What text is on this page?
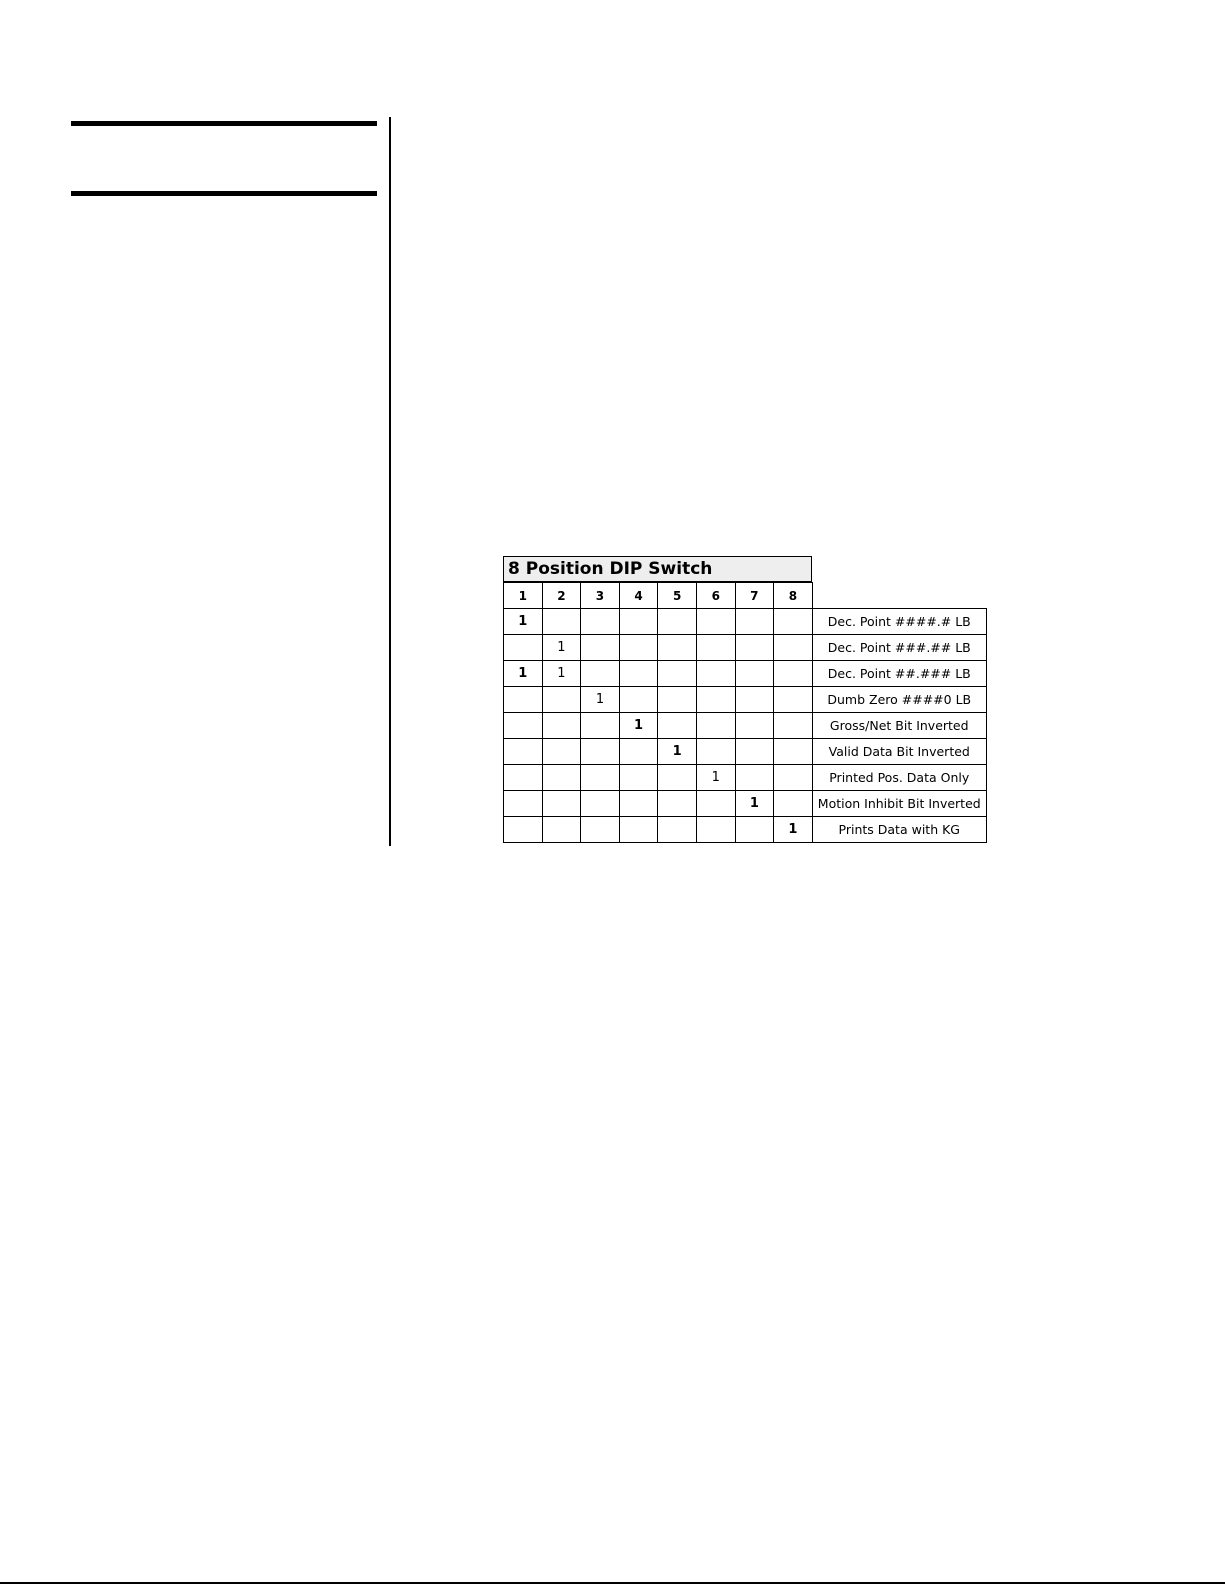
8 Position DIP Switch
1	2	3	4	5	6	7	8	
1								Dec. Point ####.# LB
	1							Dec. Point ###.## LB
1	1							Dec. Point ##.### LB
		1						Dumb Zero ####0 LB
			1					Gross/Net Bit Inverted
				1				Valid Data Bit Inverted
					1			Printed Pos. Data Only
						1		Motion Inhibit Bit Inverted
							1	Prints Data with KG
